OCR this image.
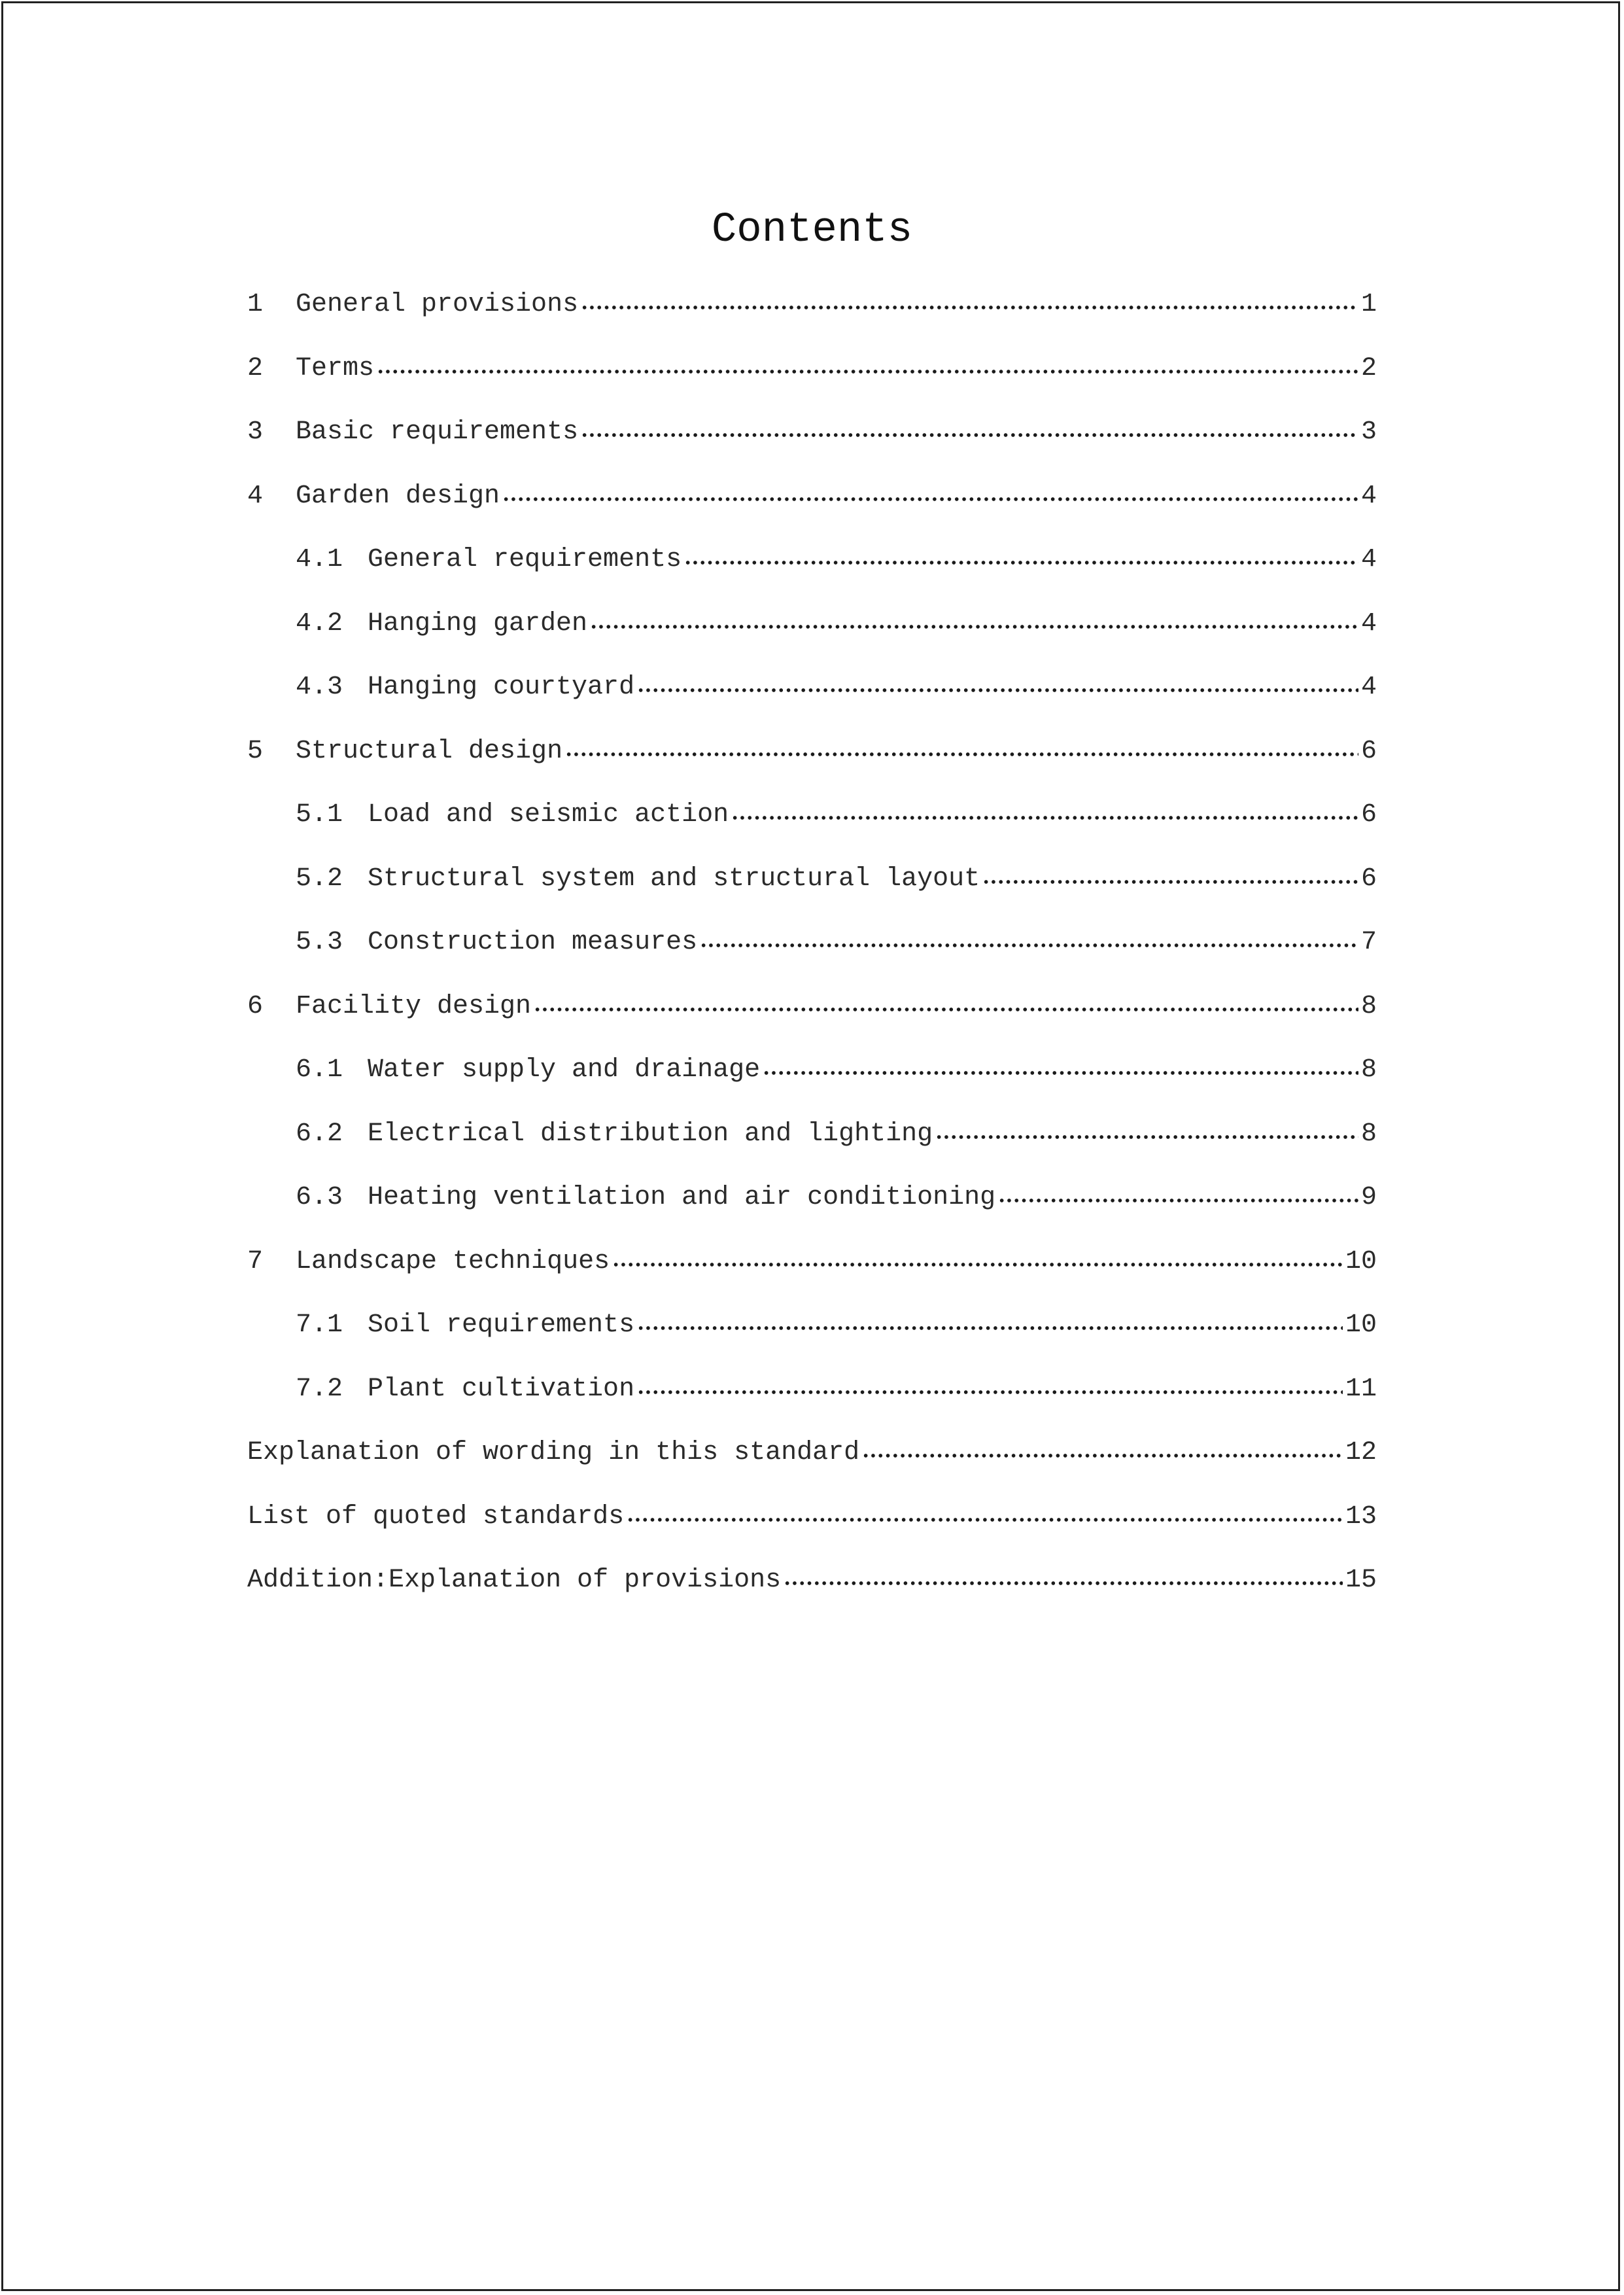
Contents
1	General provisions	1
2	Terms	2
3	Basic requirements	3
4	Garden design	4
4.1 General requirements	4
4.2 Hanging garden	4
4.3 Hanging courtyard	4
5	Structural design	6
5.1 Load and seismic action	6
5.2 Structural system and structural layout	6
5.3 Construction measures	7
6	Facility design	8
6.1 Water supply and drainage	8
6.2 Electrical distribution and lighting	8
6.3 Heating ventilation and air conditioning	9
7	Landscape techniques	10
7.1 Soil requirements	10
7.2 Plant cultivation	11
Explanation of wording in this standard	12
List of quoted standards	13
Addition:Explanation of provisions	15
